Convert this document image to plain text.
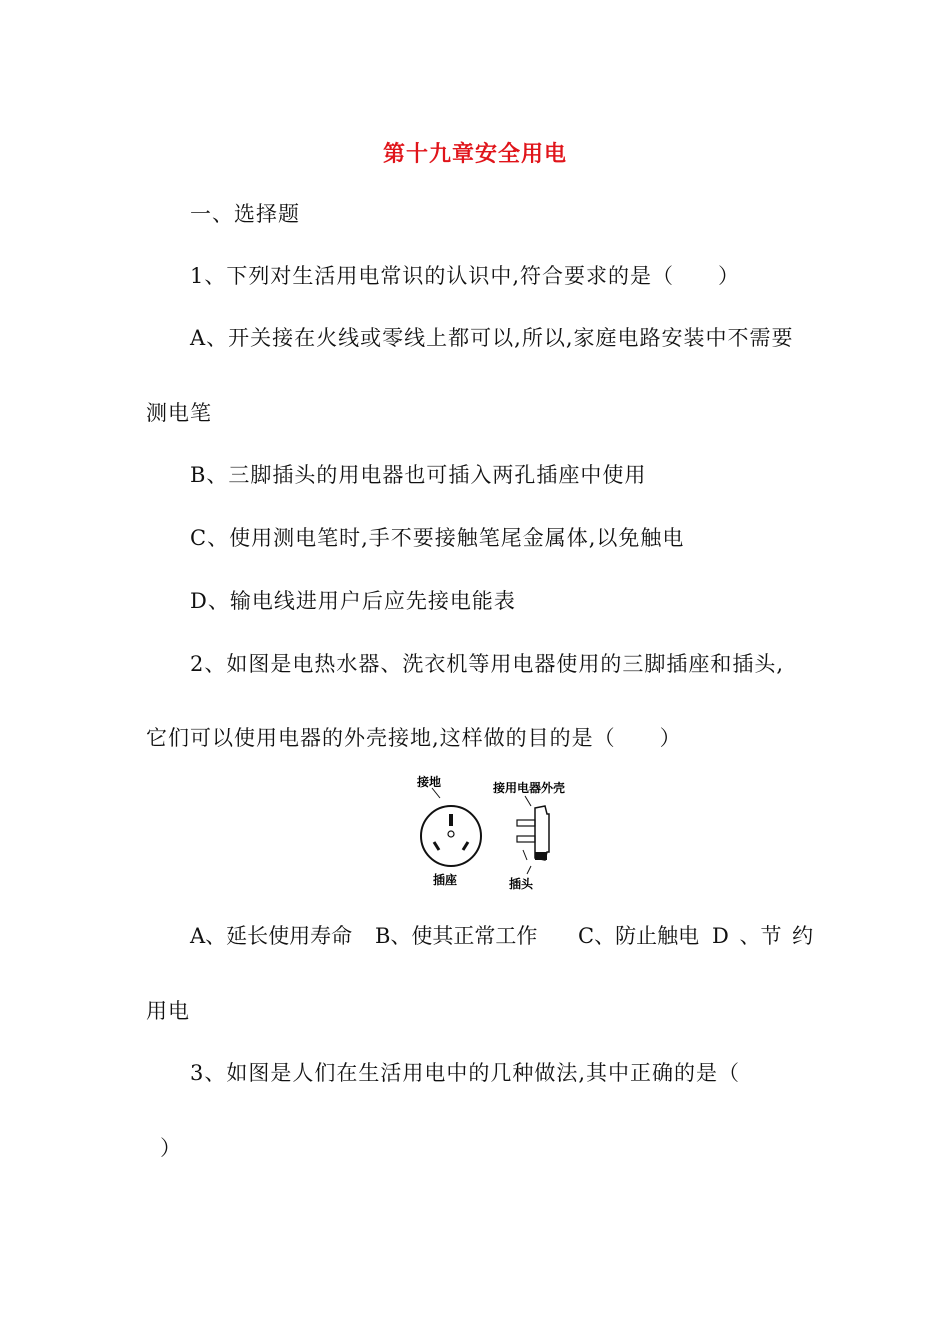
第十九章安全用电
一、选择题
1、下列对生活用电常识的认识中,符合要求的是（　　）
A、开关接在火线或零线上都可以,所以,家庭电路安装中不需要
测电笔
B、三脚插头的用电器也可插入两孔插座中使用
C、使用测电笔时,手不要接触笔尾金属体,以免触电
D、输电线进用户后应先接电能表
2、如图是电热水器、洗衣机等用电器使用的三脚插座和插头,
它们可以使用电器的外壳接地,这样做的目的是（　　）
接地	接用电器外壳
插座	插头
A、延长使用寿命 B、使其正常工作 C、防止触电 D 、节 约
用电
3、如图是人们在生活用电中的几种做法,其中正确的是（
）
